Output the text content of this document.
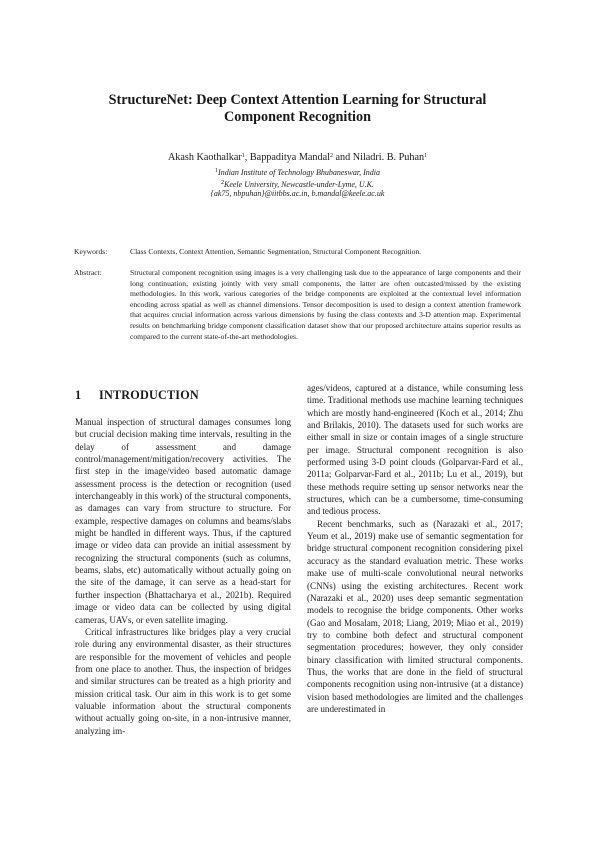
StructureNet: Deep Context Attention Learning for Structural
Component Recognition
Akash Kaothalkar$^1$, Bappaditya Mandal$^2$ and Niladri. B. Puhan$^1$
$^1$Indian Institute of Technology Bhubaneswar, India
$^2$Keele University, Newcastle-under-Lyme, U.K.
{ak75, nbpuhan}@iitbbs.ac.in, b.mandal@keele.ac.uk
Keywords:	Class Contexts, Context Attention, Semantic Segmentation, Structural Component Recognition.
Abstract:	Structural component recognition using images is a very challenging task due to the appearance of large components and their long continuation, existing jointly with very small components, the latter are often outcasted/missed by the existing methodologies. In this work, various categories of the bridge components are exploited at the contextual level information encoding across spatial as well as channel dimensions. Tensor decomposition is used to design a context attention framework that acquires crucial information across various dimensions by fusing the class contexts and 3-D attention map. Experimental results on benchmarking bridge component classification dataset show that our proposed architecture attains superior results as compared to the current state-of-the-art methodologies.
1 INTRODUCTION

Manual inspection of structural damages consumes long but crucial decision making time intervals, resulting in the delay of assessment and damage control/management/mitigation/recovery activities. The first step in the image/video based automatic damage assessment process is the detection or recognition (used interchangeably in this work) of the structural components, as damages can vary from structure to structure. For example, respective damages on columns and beams/slabs might be handled in different ways. Thus, if the captured image or video data can provide an initial assessment by recognizing the structural components (such as columns, beams, slabs, etc) automatically without actually going on the site of the damage, it can serve as a head-start for further inspection (Bhattacharya et al., 2021b). Required image or video data can be collected by using digital cameras, UAVs, or even satellite imaging.

Critical infrastructures like bridges play a very crucial role during any environmental disaster, as their structures are responsible for the movement of vehicles and people from one place to another. Thus, the inspection of bridges and similar structures can be treated as a high priority and mission critical task. Our aim in this work is to get some valuable information about the structural components without actually going on-site, in a non-intrusive manner, analyzing im-

ages/videos, captured at a distance, while consuming less time. Traditional methods use machine learning techniques which are mostly hand-engineered (Koch et al., 2014; Zhu and Brilakis, 2010). The datasets used for such works are either small in size or contain images of a single structure per image. Structural component recognition is also performed using 3-D point clouds (Golparvar-Fard et al., 2011a; Golparvar-Fard et al., 2011b; Lu et al., 2019), but these methods require setting up sensor networks near the structures, which can be a cumbersome, time-consuming and tedious process.

Recent benchmarks, such as (Narazaki et al., 2017; Yeum et al., 2019) make use of semantic segmentation for bridge structural component recognition considering pixel accuracy as the standard evaluation metric. These works make use of multi-scale convolutional neural networks (CNNs) using the existing architectures. Recent work (Narazaki et al., 2020) uses deep semantic segmentation models to recognise the bridge components. Other works (Gao and Mosalam, 2018; Liang, 2019; Miao et al., 2019) try to combine both defect and structural component segmentation procedures; however, they only consider binary classification with limited structural components. Thus, the works that are done in the field of structural components recognition using non-intrusive (at a distance) vision based methodologies are limited and the challenges are underestimated in
